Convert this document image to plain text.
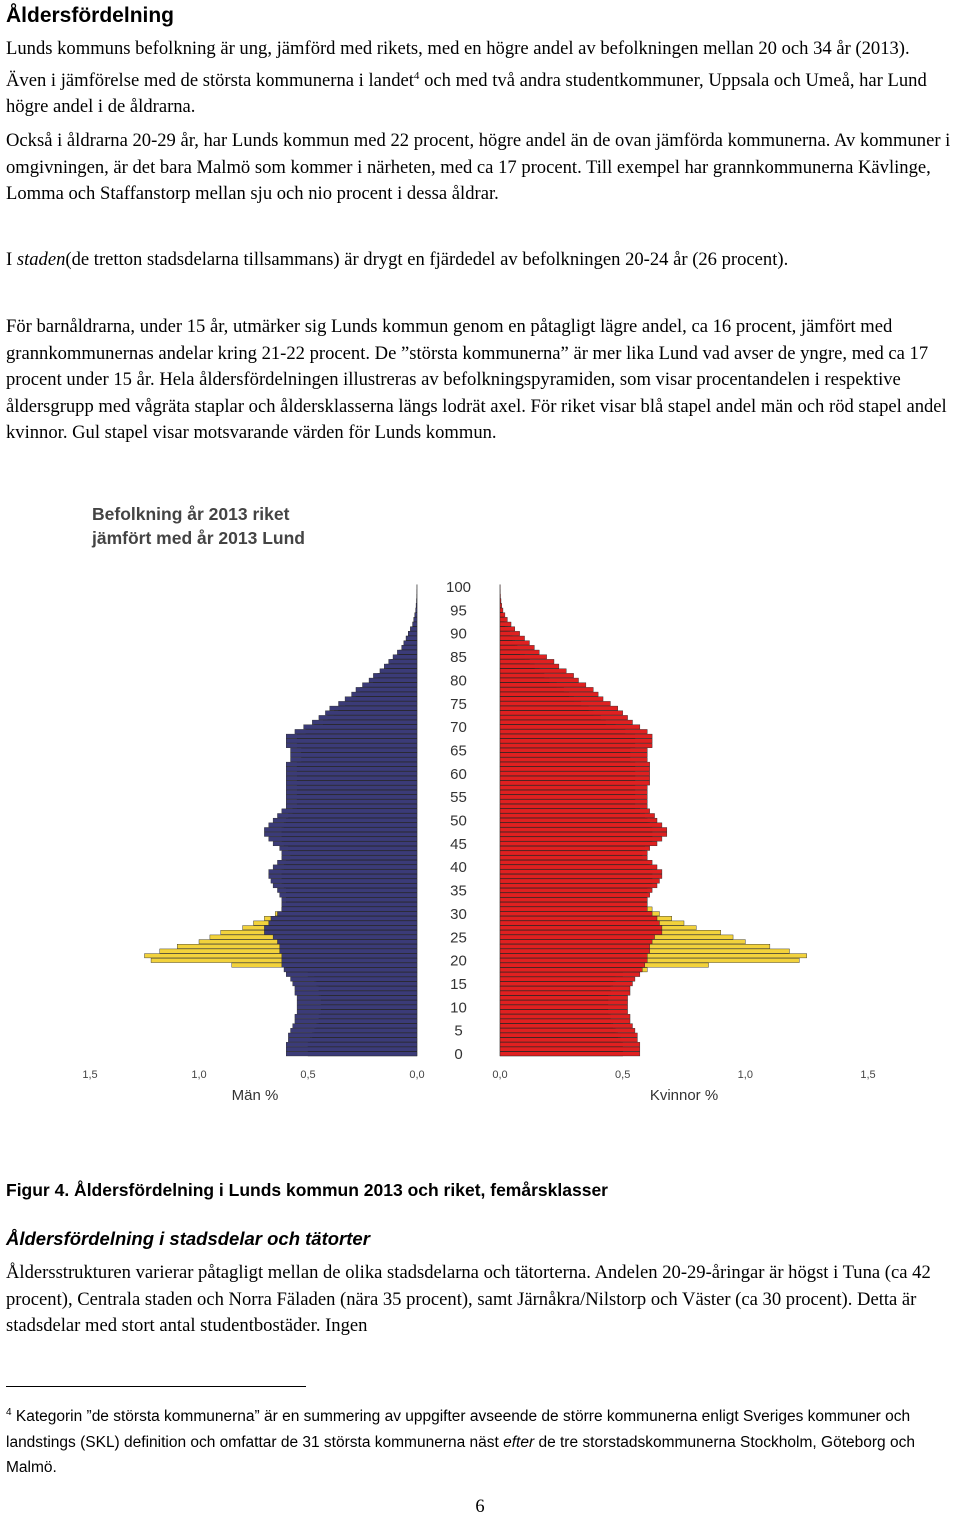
Åldersfördelning

Lunds kommuns befolkning är ung, jämförd med rikets, med en högre andel av befolkningen mellan 20 och 34 år (2013). Även i jämförelse med de största kommunerna i landet$^4$ och med två andra studentkommuner, Uppsala och Umeå, har Lund högre andel i de åldrarna.

Också i åldrarna 20-29 år, har Lunds kommun med 22 procent, högre andel än de ovan jämförda kommunerna. Av kommuner i omgivningen, är det bara Malmö som kommer i närheten, med ca 17 procent. Till exempel har grannkommunerna Kävlinge, Lomma och Staffanstorp mellan sju och nio procent i dessa åldrar.

I staden(de tretton stadsdelarna tillsammans) är drygt en fjärdedel av befolkningen 20-24 år (26 procent).

För barnåldrarna, under 15 år, utmärker sig Lunds kommun genom en påtagligt lägre andel, ca 16 procent, jämfört med grannkommunernas andelar kring 21-22 procent. De ”största kommunerna” är mer lika Lund vad avser de yngre, med ca 17 procent under 15 år. Hela åldersfördelningen illustreras av befolkningspyramiden, som visar procentandelen i respektive åldersgrupp med vågräta staplar och åldersklasserna längs lodrät axel. För riket visar blå stapel andel män och röd stapel andel kvinnor. Gul stapel visar motsvarande värden för Lunds kommun.

Befolkning år 2013 riket
jämfört med år 2013 Lund
100
95
90
85
80
75
70
65
60
55
50
45
40
35
30
25
20
15
10
5
0
1,5	1,0	0,5	0,0	0,0	0,5	1,0	1,5
Män %	Kvinnor %
Figur 4. Åldersfördelning i Lunds kommun 2013 och riket, femårsklasser
Åldersfördelning i stadsdelar och tätorter

Åldersstrukturen varierar påtagligt mellan de olika stadsdelarna och tätorterna. Andelen 20-29-åringar är högst i Tuna (ca 42 procent), Centrala staden och Norra Fäladen (nära 35 procent), samt Järnåkra/Nilstorp och Väster (ca 30 procent). Detta är stadsdelar med stort antal studentbostäder. Ingen

$^4$ Kategorin ”de största kommunerna” är en summering av uppgifter avseende de större kommunerna enligt Sveriges kommuner och landstings (SKL) definition och omfattar de 31 största kommunerna näst efter de tre storstadskommunerna Stockholm, Göteborg och Malmö.
6
